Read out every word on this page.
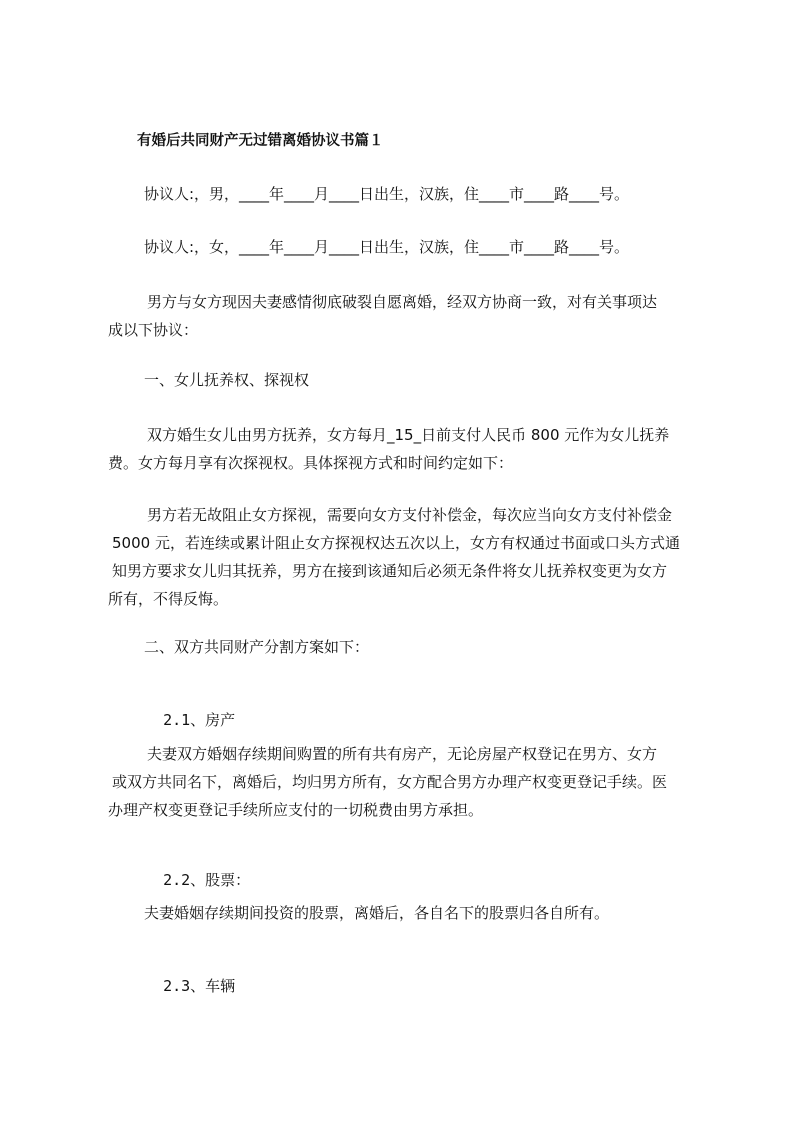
有婚后共同财产无过错离婚协议书篇１
协议人:，男，____年____月____日出生，汉族，住____市____路____号。
协议人:，女，____年____月____日出生，汉族，住____市____路____号。
男方与女方现因夫妻感情彻底破裂自愿离婚，经双方协商一致，对有关事项达
成以下协议：
一、女儿抚养权、探视权
双方婚生女儿由男方抚养，女方每月_15_日前支付人民币 800 元作为女儿抚养
费。女方每月享有次探视权。具体探视方式和时间约定如下：
男方若无故阻止女方探视，需要向女方支付补偿金，每次应当向女方支付补偿金
5000 元，若连续或累计阻止女方探视权达五次以上，女方有权通过书面或口头方式通
知男方要求女儿归其抚养，男方在接到该通知后必须无条件将女儿抚养权变更为女方
所有，不得反悔。
二、双方共同财产分割方案如下：

2.1、房产

夫妻双方婚姻存续期间购置的所有共有房产，无论房屋产权登记在男方、女方
或双方共同名下，离婚后，均归男方所有，女方配合男方办理产权变更登记手续。医
办理产权变更登记手续所应支付的一切税费由男方承担。

2.2、股票：

夫妻婚姻存续期间投资的股票，离婚后，各自名下的股票归各自所有。

2.3、车辆
